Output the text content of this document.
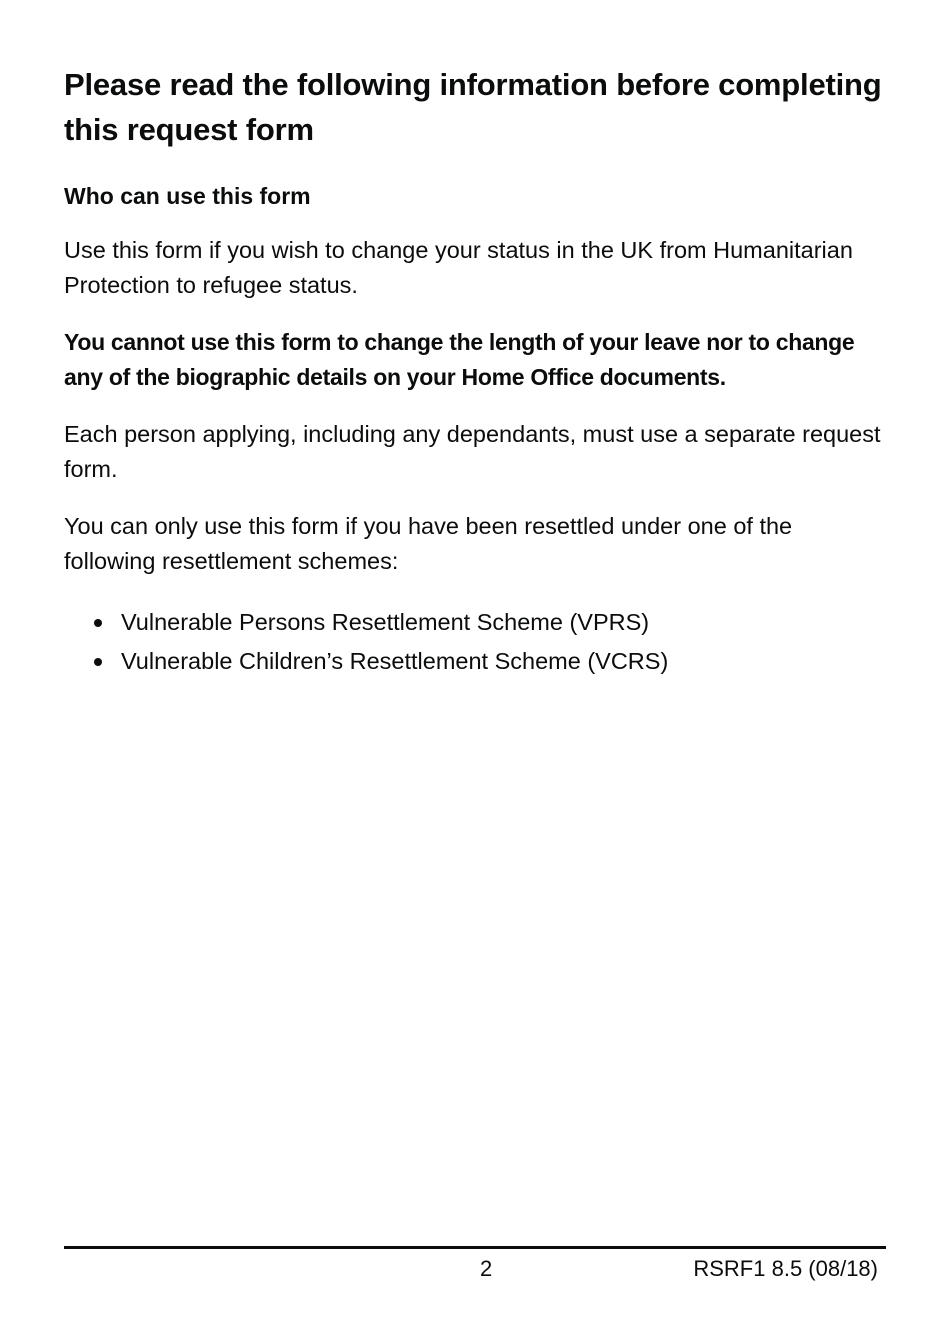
Please read the following information before completing this request form
Who can use this form

Use this form if you wish to change your status in the UK from Humanitarian Protection to refugee status.

You cannot use this form to change the length of your leave nor to change any of the biographic details on your Home Office documents.

Each person applying, including any dependants, must use a separate request form.

You can only use this form if you have been resettled under one of the following resettlement schemes:

Vulnerable Persons Resettlement Scheme (VPRS)
Vulnerable Children’s Resettlement Scheme (VCRS)
2	RSRF1 8.5 (08/18)
